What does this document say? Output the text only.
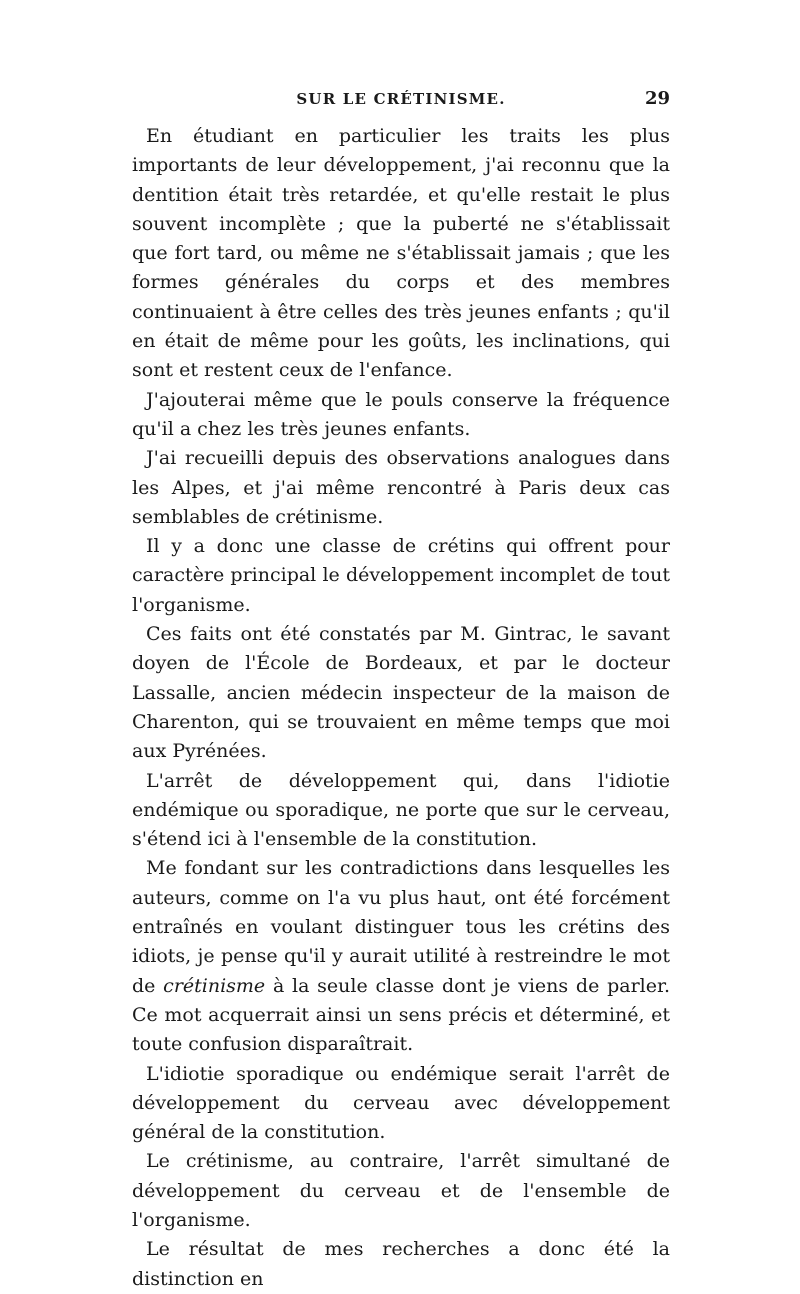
SUR LE CRÉTINISME.	29

En étudiant en particulier les traits les plus importants de leur développement, j'ai reconnu que la dentition était très retardée, et qu'elle restait le plus souvent incomplète ; que la puberté ne s'établissait que fort tard, ou même ne s'établissait jamais ; que les formes générales du corps et des membres continuaient à être celles des très jeunes enfants ; qu'il en était de même pour les goûts, les inclinations, qui sont et restent ceux de l'enfance.

J'ajouterai même que le pouls conserve la fréquence qu'il a chez les très jeunes enfants.

J'ai recueilli depuis des observations analogues dans les Alpes, et j'ai même rencontré à Paris deux cas semblables de crétinisme.

Il y a donc une classe de crétins qui offrent pour caractère principal le développement incomplet de tout l'organisme.

Ces faits ont été constatés par M. Gintrac, le savant doyen de l'École de Bordeaux, et par le docteur Lassalle, ancien médecin inspecteur de la maison de Charenton, qui se trouvaient en même temps que moi aux Pyrénées.

L'arrêt de développement qui, dans l'idiotie endémique ou sporadique, ne porte que sur le cerveau, s'étend ici à l'ensemble de la constitution.

Me fondant sur les contradictions dans lesquelles les auteurs, comme on l'a vu plus haut, ont été forcément entraînés en voulant distinguer tous les crétins des idiots, je pense qu'il y aurait utilité à restreindre le mot de crétinisme à la seule classe dont je viens de parler. Ce mot acquerrait ainsi un sens précis et déterminé, et toute confusion disparaîtrait.

L'idiotie sporadique ou endémique serait l'arrêt de développement du cerveau avec développement général de la constitution.

Le crétinisme, au contraire, l'arrêt simultané de développement du cerveau et de l'ensemble de l'organisme.

Le résultat de mes recherches a donc été la distinction en
